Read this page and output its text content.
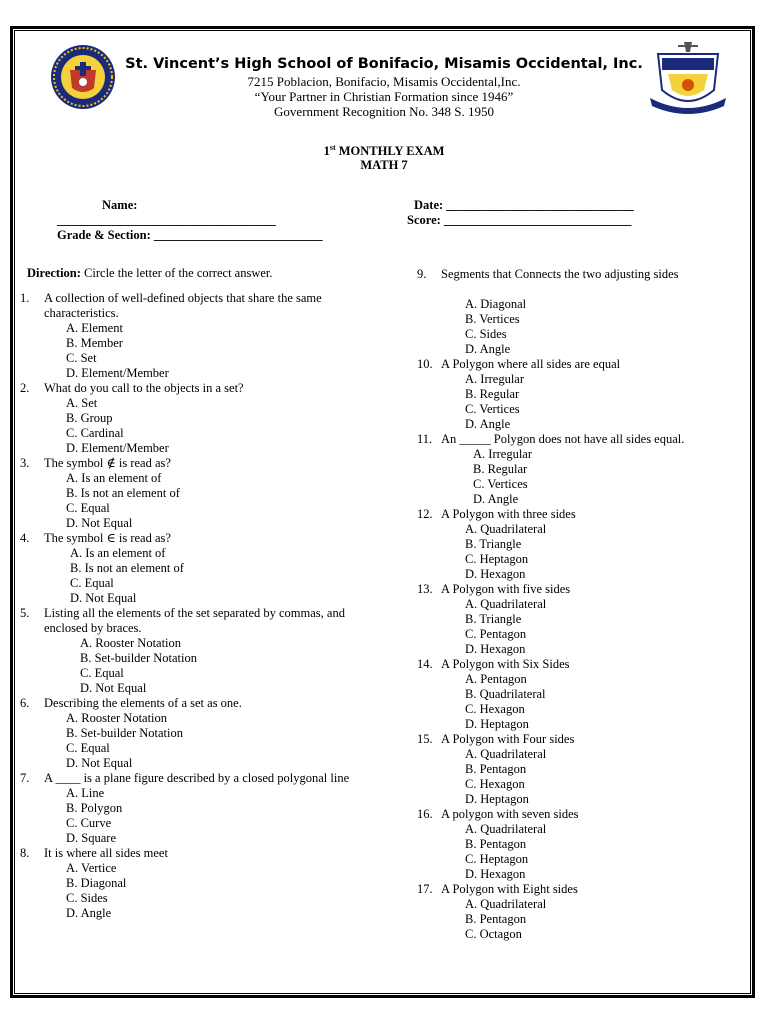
St. Vincent’s High School of Bonifacio, Misamis Occidental, Inc.
7215 Poblacion, Bonifacio, Misamis Occidental,Inc.
“Your Partner in Christian Formation since 1946”
Government Recognition No. 348 S. 1950
1st MONTHLY EXAM
MATH 7
Name:
___________________________________
Grade & Section: ___________________________
Date: ______________________________
Score: ______________________________
Direction: Circle the letter of the correct answer.
1.	A collection of well-defined objects that share the same characteristics.
A. Element
B. Member
C. Set
D. Element/Member
2.	What do you call to the objects in a set?
A. Set
B. Group
C. Cardinal
D. Element/Member
3.	The symbol ∉ is read as?
A. Is an element of
B. Is not an element of
C. Equal
D. Not Equal
4.	The symbol ∈ is read as?
A. Is an element of
B. Is not an element of
C. Equal
D. Not Equal
5.	Listing all the elements of the set separated by commas, and enclosed by braces.
A. Rooster Notation
B. Set-builder Notation
C. Equal
D. Not Equal
6.	Describing the elements of a set as one.
A. Rooster Notation
B. Set-builder Notation
C. Equal
D. Not Equal
7.	A ____ is a plane figure described by a closed polygonal line
A. Line
B. Polygon
C. Curve
D. Square
8.	It is where all sides meet
A. Vertice
B. Diagonal
C. Sides
D. Angle
9.	Segments that Connects the two adjusting sides
A. Diagonal
B. Vertices
C. Sides
D. Angle
10. A Polygon where all sides are equal
A. Irregular
B. Regular
C. Vertices
D. Angle
11. An _____ Polygon does not have all sides equal.
A. Irregular
B. Regular
C. Vertices
D. Angle
12. A Polygon with three sides
A. Quadrilateral
B. Triangle
C. Heptagon
D. Hexagon
13. A Polygon with five sides
A. Quadrilateral
B. Triangle
C. Pentagon
D. Hexagon
14. A Polygon with Six Sides
A. Pentagon
B. Quadrilateral
C. Hexagon
D. Heptagon
15. A Polygon with Four sides
A. Quadrilateral
B. Pentagon
C. Hexagon
D. Heptagon
16. A polygon with seven sides
A. Quadrilateral
B. Pentagon
C. Heptagon
D. Hexagon
17. A Polygon with Eight sides
A. Quadrilateral
B. Pentagon
C. Octagon
